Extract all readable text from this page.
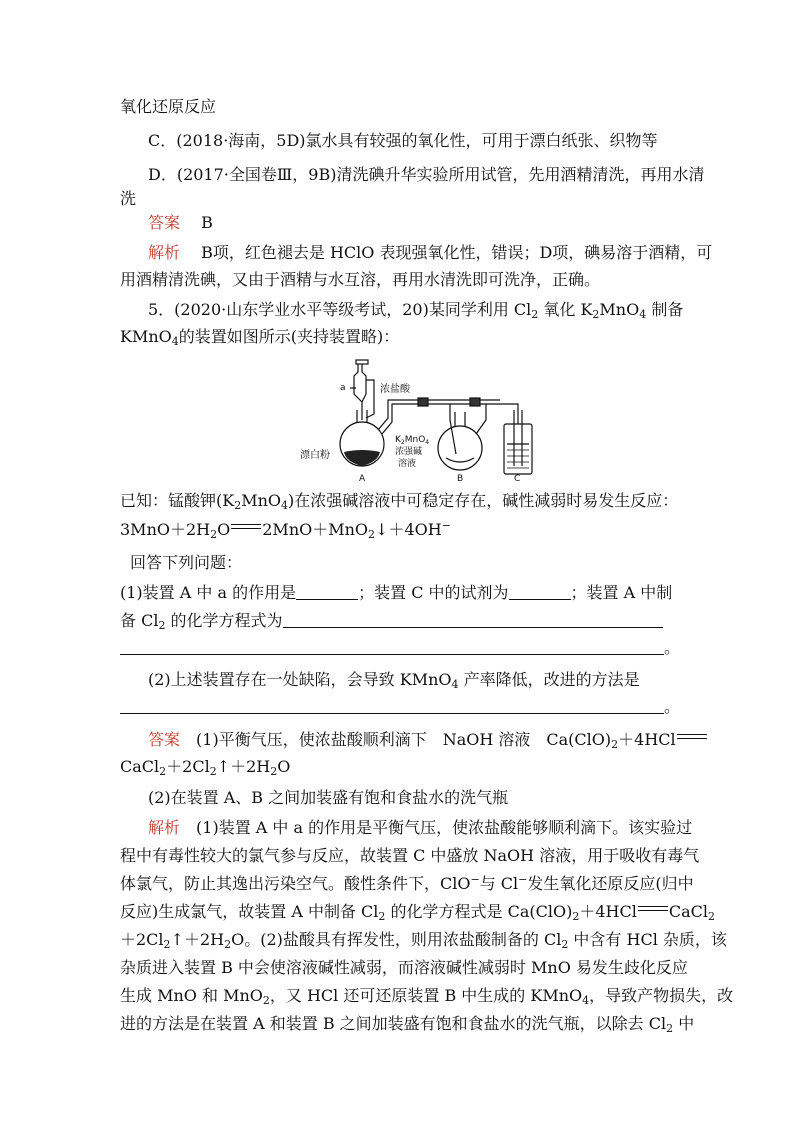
氧化还原反应
C．(2018·海南，5D)氯水具有较强的氧化性，可用于漂白纸张、织物等
D．(2017·全国卷Ⅲ，9B)清洗碘升华实验所用试管，先用酒精清洗，再用水清
洗
答案　 B
解析　 B项，红色褪去是 HClO 表现强氧化性，错误；D项，碘易溶于酒精，可
用酒精清洗碘，又由于酒精与水互溶，再用水清洗即可洗净，正确。
5．(2020·山东学业水平等级考试，20)某同学利用 $Cl_2$ 氧化 $K_2MnO_4$ 制备
KMnO$_4$的装置如图所示(夹持装置略)：
a	浓盐酸
漂白粉
$K_2MnO_4$
浓强碱
溶液
A	B	C
已知：锰酸钾$(K_2MnO_4)$在浓强碱溶液中可稳定存在，碱性减弱时易发生反应：
$3MnO+2H_2O$ 2MnO＋MnO$_2$↓＋4OH−
回答下列问题：
(1)装置 A 中 a 的作用是	；装置 C 中的试剂为	；装置 A 中制
备 $Cl_2$ 的化学方程式为
。
(2)上述装置存在一处缺陷，会导致 KMnO$_4$ 产率降低，改进的方法是
。
答案　 (1)平衡气压，使浓盐酸顺利滴下　NaOH 溶液　$Ca(ClO)_2+4HCl$
$CaCl_2+2Cl_2↑+2H_2O$
(2)在装置 A、B 之间加装盛有饱和食盐水的洗气瓶
解析　 (1)装置 A 中 a 的作用是平衡气压，使浓盐酸能够顺利滴下。该实验过
程中有毒性较大的氯气参与反应，故装置 C 中盛放 NaOH 溶液，用于吸收有毒气
体氯气，防止其逸出污染空气。酸性条件下，ClO−与 Cl−发生氧化还原反应(归中
反应)生成氯气，故装置 A 中制备 $Cl_2$ 的化学方程式是 $Ca(ClO)_2+4HCl$ CaCl$_2$
$+2Cl_2↑+2H_2O$。(2)盐酸具有挥发性，则用浓盐酸制备的 $Cl_2$ 中含有 HCl 杂质，该
杂质进入装置 B 中会使溶液碱性减弱，而溶液碱性减弱时 MnO 易发生歧化反应
生成 MnO 和 MnO$_2$，又 HCl 还可还原装置 B 中生成的 KMnO$_4$，导致产物损失，改
进的方法是在装置 A 和装置 B 之间加装盛有饱和食盐水的洗气瓶，以除去 $Cl_2$ 中
